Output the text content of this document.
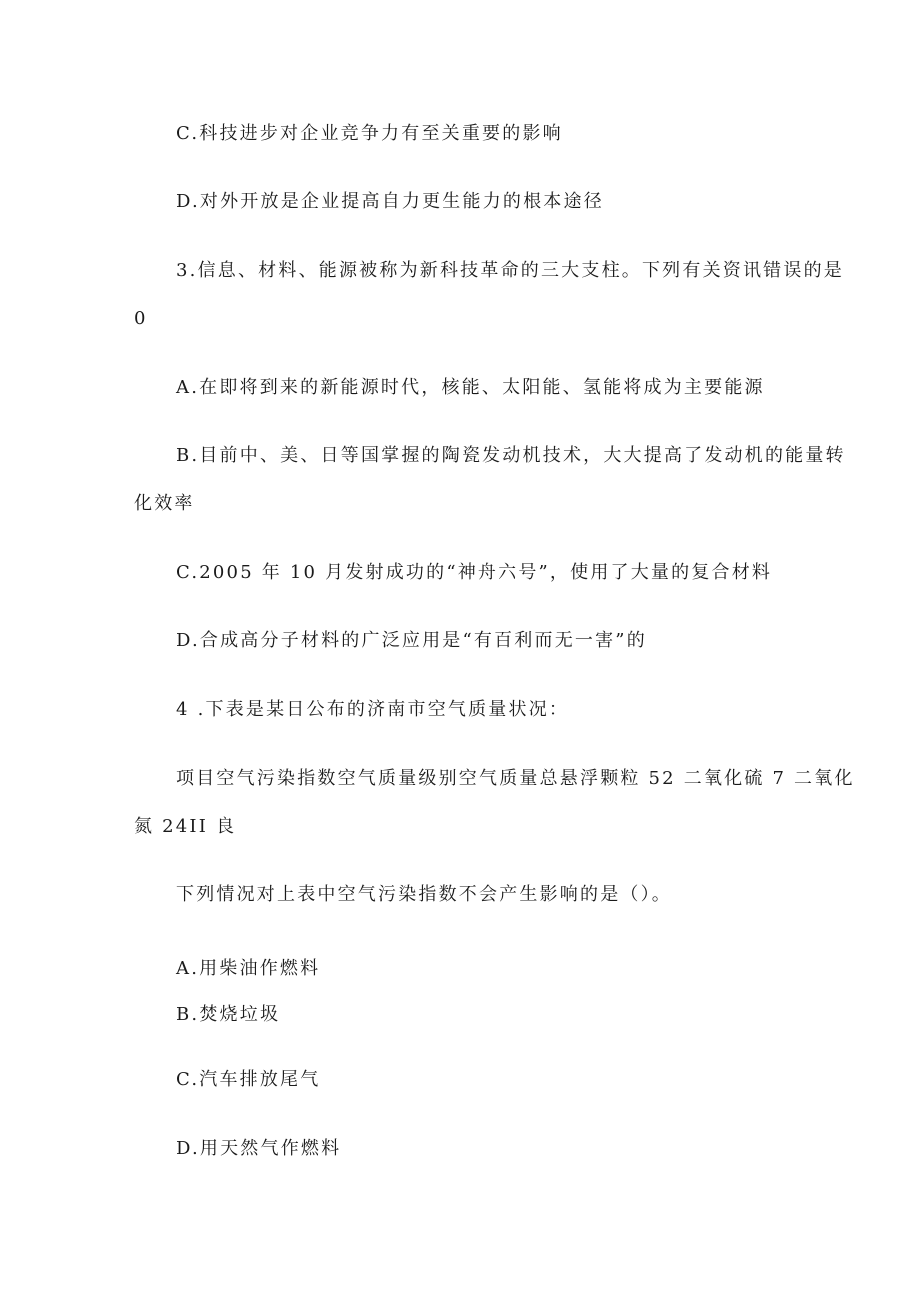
C.科技进步对企业竞争力有至关重要的影响
D.对外开放是企业提高自力更生能力的根本途径
3.信息、材料、能源被称为新科技革命的三大支柱。下列有关资讯错误的是
0
A.在即将到来的新能源时代，核能、太阳能、氢能将成为主要能源
B.目前中、美、日等国掌握的陶瓷发动机技术，大大提高了发动机的能量转
化效率
C.2005 年 10 月发射成功的“神舟六号”，使用了大量的复合材料
D.合成高分子材料的广泛应用是“有百利而无一害”的
4 .下表是某日公布的济南市空气质量状况：
项目空气污染指数空气质量级别空气质量总悬浮颗粒 52 二氧化硫 7 二氧化
氮 24II 良
下列情况对上表中空气污染指数不会产生影响的是（）。
A.用柴油作燃料
B.焚烧垃圾
C.汽车排放尾气
D.用天然气作燃料
